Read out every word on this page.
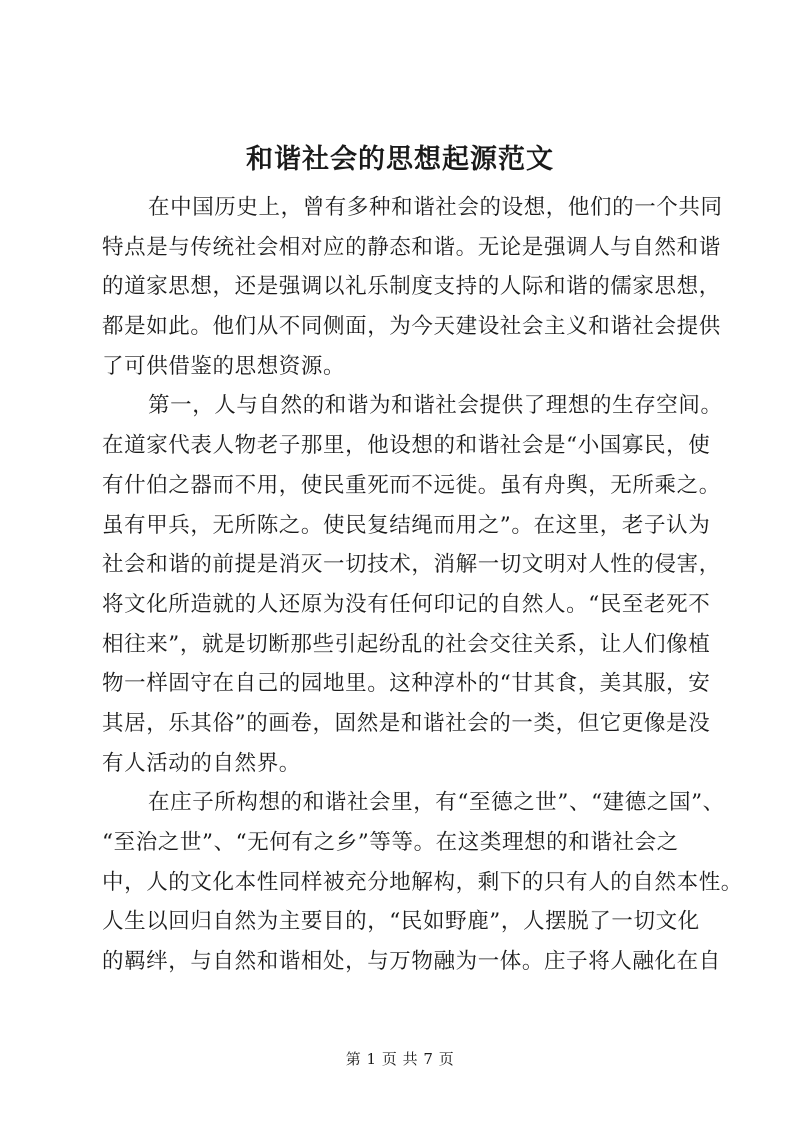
和谐社会的思想起源范文
在中国历史上，曾有多种和谐社会的设想，他们的一个共同
特点是与传统社会相对应的静态和谐。无论是强调人与自然和谐
的道家思想，还是强调以礼乐制度支持的人际和谐的儒家思想，
都是如此。他们从不同侧面，为今天建设社会主义和谐社会提供
了可供借鉴的思想资源。
第一，人与自然的和谐为和谐社会提供了理想的生存空间。
在道家代表人物老子那里，他设想的和谐社会是“小国寡民，使
有什伯之器而不用，使民重死而不远徙。虽有舟舆，无所乘之。
虽有甲兵，无所陈之。使民复结绳而用之”。在这里，老子认为
社会和谐的前提是消灭一切技术，消解一切文明对人性的侵害，
将文化所造就的人还原为没有任何印记的自然人。“民至老死不
相往来”，就是切断那些引起纷乱的社会交往关系，让人们像植
物一样固守在自己的园地里。这种淳朴的“甘其食，美其服，安
其居，乐其俗”的画卷，固然是和谐社会的一类，但它更像是没
有人活动的自然界。
在庄子所构想的和谐社会里，有“至德之世”、“建德之国”、
“至治之世”、“无何有之乡”等等。在这类理想的和谐社会之
中，人的文化本性同样被充分地解构，剩下的只有人的自然本性。
人生以回归自然为主要目的，“民如野鹿”，人摆脱了一切文化
的羁绊，与自然和谐相处，与万物融为一体。庄子将人融化在自
第 1 页 共 7 页
